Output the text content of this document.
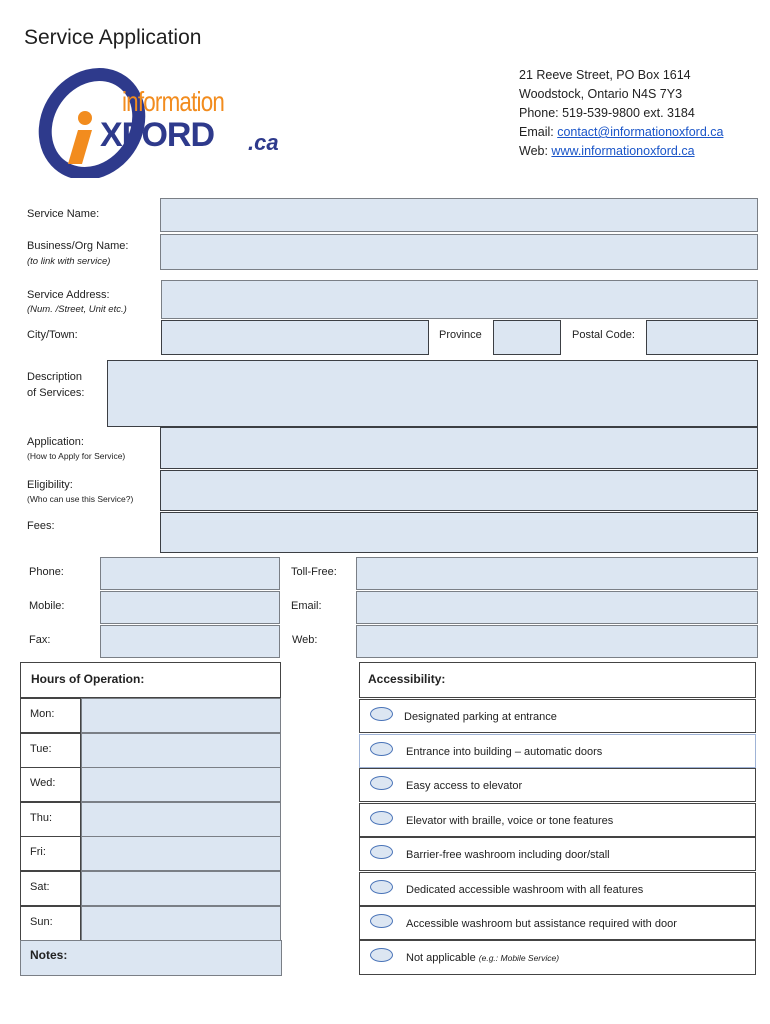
Service Application
information
XFORD .ca
21 Reeve Street, PO Box 1614
Woodstock, Ontario N4S 7Y3
Phone: 519-539-9800 ext. 3184
Email: contact@informationoxford.ca
Web: www.informationoxford.ca
Service Name:
Business/Org Name:
(to link with service)
Service Address:
(Num. /Street, Unit etc.)
City/Town:	Province	Postal Code:
Description
of Services:
Application:
(How to Apply for Service)
Eligibility:
(Who can use this Service?)
Fees:
Phone:	Toll-Free:
Mobile:	Email:
Fax:	Web:
Hours of Operation:
Mon:
Tue:
Wed:
Thu:
Fri:
Sat:
Sun:
Notes:
Accessibility:
Designated parking at entrance
Entrance into building – automatic doors
Easy access to elevator
Elevator with braille, voice or tone features
Barrier-free washroom including door/stall
Dedicated accessible washroom with all features
Accessible washroom but assistance required with door
Not applicable (e.g.: Mobile Service)
